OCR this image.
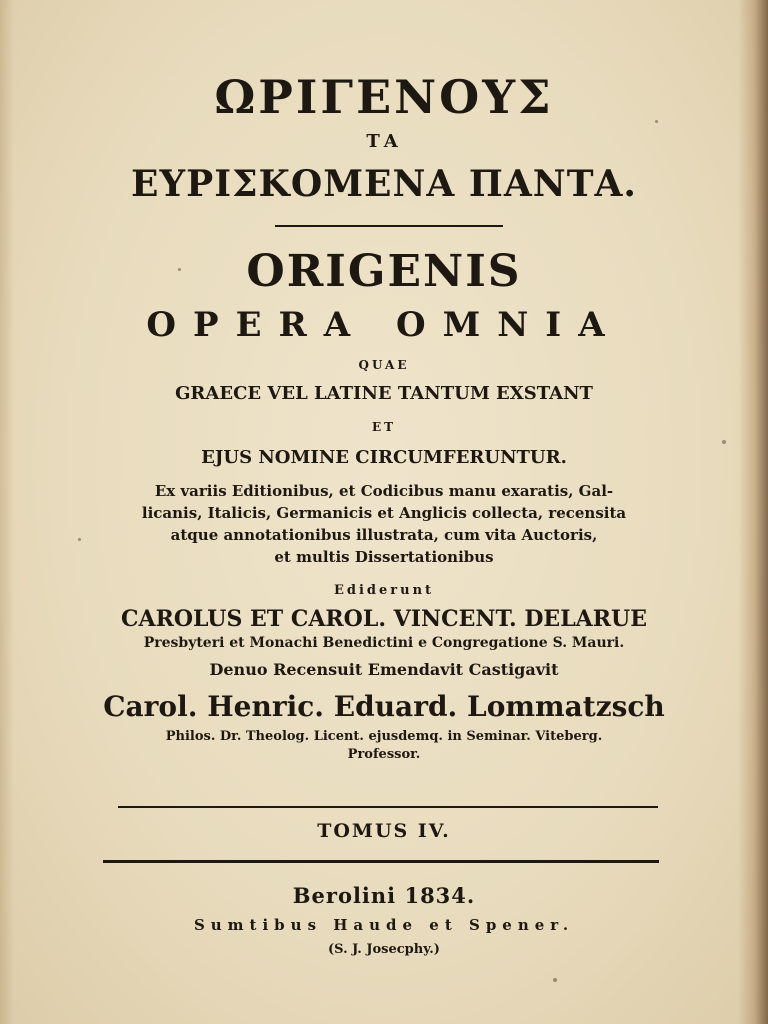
ΩΡΙΓΕΝΟΥΣ
ΤΑ
ΕΥΡΙΣΚΟΜΕΝΑ ΠΑΝΤΑ.
ORIGENIS
OPERA OMNIA
QUAE
GRAECE VEL LATINE TANTUM EXSTANT
ET
EJUS NOMINE CIRCUMFERUNTUR.
Ex variis Editionibus, et Codicibus manu exaratis, Gal-
licanis, Italicis, Germanicis et Anglicis collecta, recensita
atque annotationibus illustrata, cum vita Auctoris,
et multis Dissertationibus
Ediderunt
CAROLUS ET CAROL. VINCENT. DELARUE
Presbyteri et Monachi Benedictini e Congregatione S. Mauri.
Denuo Recensuit Emendavit Castigavit
Carol. Henric. Eduard. Lommatzsch
Philos. Dr. Theolog. Licent. ejusdemq. in Seminar. Viteberg.
Professor.
TOMUS IV.
Berolini 1834.
Sumtibus Haude et Spener.
(S. J. Josecphy.)
